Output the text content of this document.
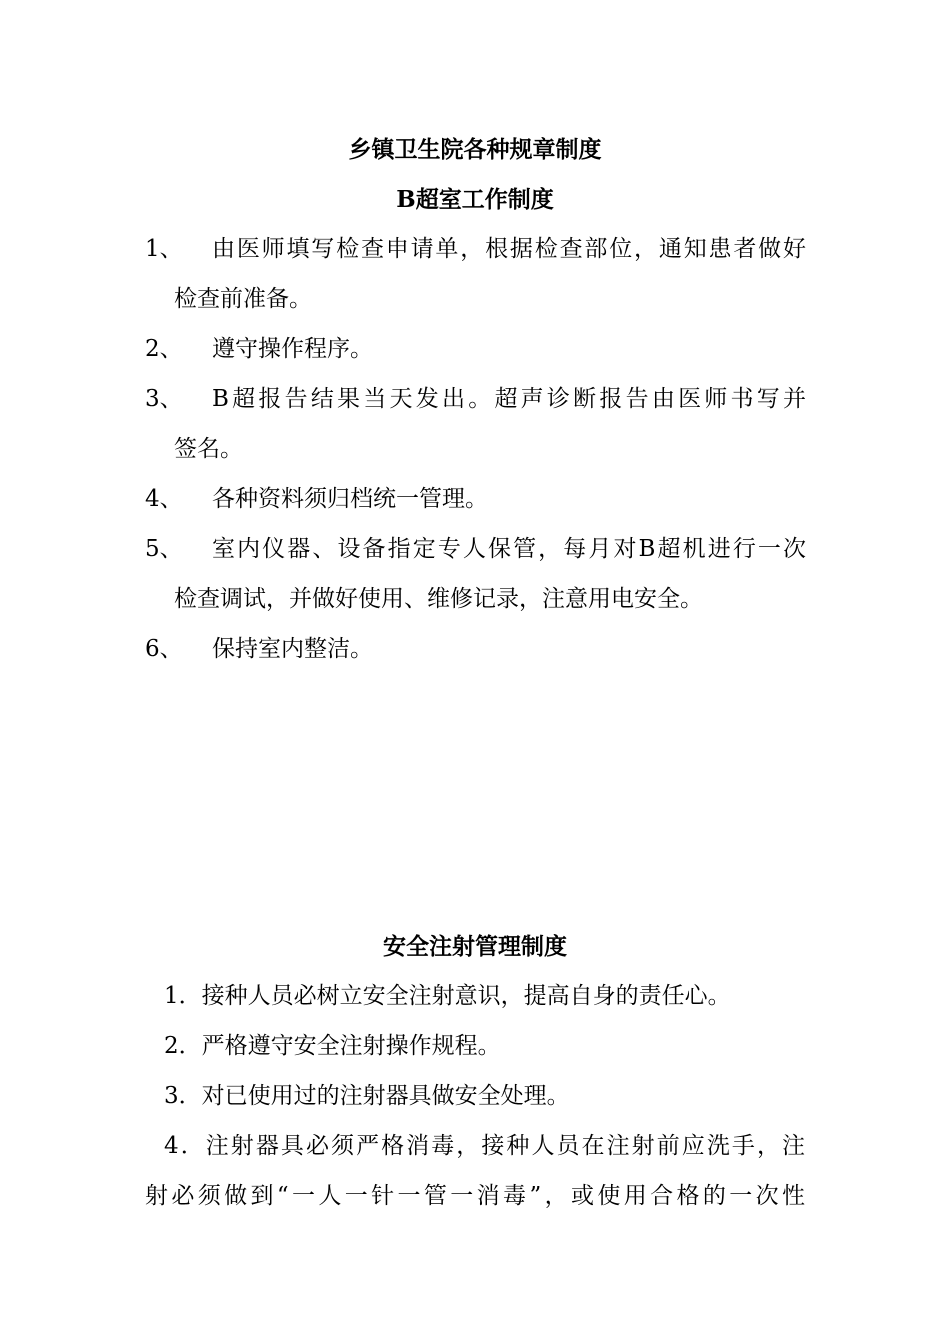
乡镇卫生院各种规章制度
B超室工作制度
1、 由医师填写检查申请单，根据检查部位，通知患者做好
检查前准备。
2、 遵守操作程序。
3、 B超报告结果当天发出。超声诊断报告由医师书写并
签名。
4、 各种资料须归档统一管理。
5、 室内仪器、设备指定专人保管，每月对B超机进行一次
检查调试，并做好使用、维修记录，注意用电安全。
6、 保持室内整洁。
安全注射管理制度
1．接种人员必树立安全注射意识，提高自身的责任心。
2．严格遵守安全注射操作规程。
3．对已使用过的注射器具做安全处理。
4．注射器具必须严格消毒，接种人员在注射前应洗手，注
射必须做到“一人一针一管一消毒”，或使用合格的一次性
